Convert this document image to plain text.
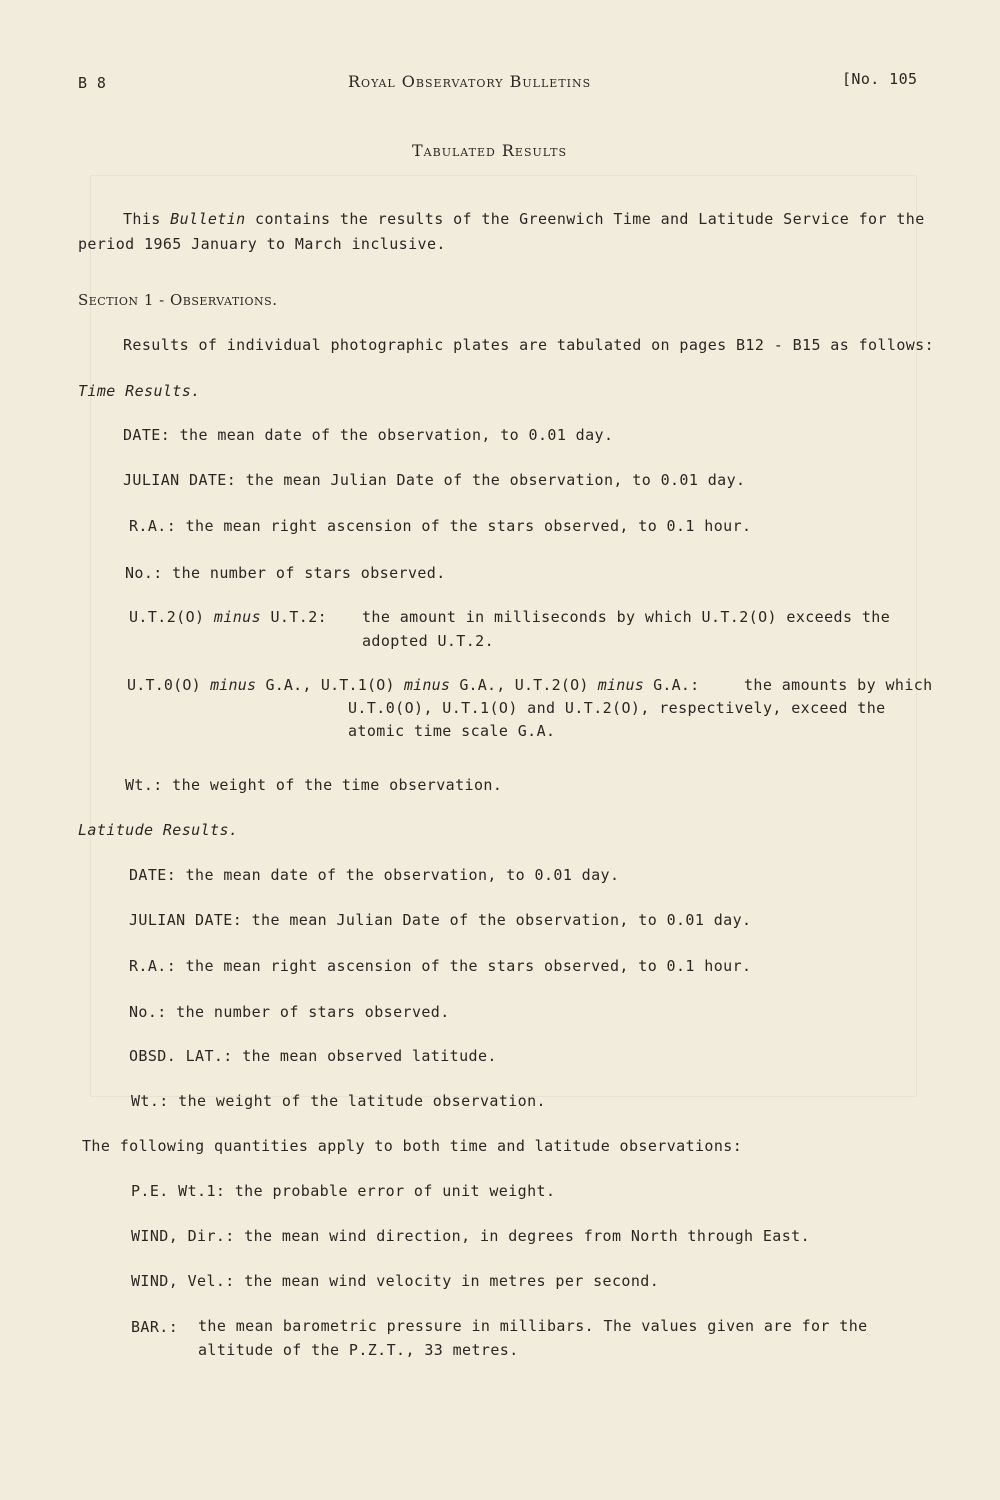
B 8	Royal Observatory Bulletins	[No. 105
Tabulated Results
This Bulletin contains the results of the Greenwich Time and Latitude Service for the
period 1965 January to March inclusive.
Section 1 - Observations.
Results of individual photographic plates are tabulated on pages B12 - B15 as follows:
Time Results.
DATE: the mean date of the observation, to 0.01 day.
JULIAN DATE: the mean Julian Date of the observation, to 0.01 day.
R.A.: the mean right ascension of the stars observed, to 0.1 hour.
No.: the number of stars observed.
U.T.2(O) minus U.T.2: the amount in milliseconds by which U.T.2(O) exceeds the
adopted U.T.2.
U.T.0(O) minus G.A., U.T.1(O) minus G.A., U.T.2(O) minus G.A.:	the amounts by which
U.T.0(O), U.T.1(O) and U.T.2(O), respectively, exceed the
atomic time scale G.A.
Wt.: the weight of the time observation.
Latitude Results.
DATE: the mean date of the observation, to 0.01 day.
JULIAN DATE: the mean Julian Date of the observation, to 0.01 day.
R.A.: the mean right ascension of the stars observed, to 0.1 hour.
No.: the number of stars observed.
OBSD. LAT.: the mean observed latitude.
Wt.: the weight of the latitude observation.
The following quantities apply to both time and latitude observations:
P.E. Wt.1: the probable error of unit weight.
WIND, Dir.: the mean wind direction, in degrees from North through East.
WIND, Vel.: the mean wind velocity in metres per second.
BAR.: the mean barometric pressure in millibars. The values given are for the
altitude of the P.Z.T., 33 metres.
